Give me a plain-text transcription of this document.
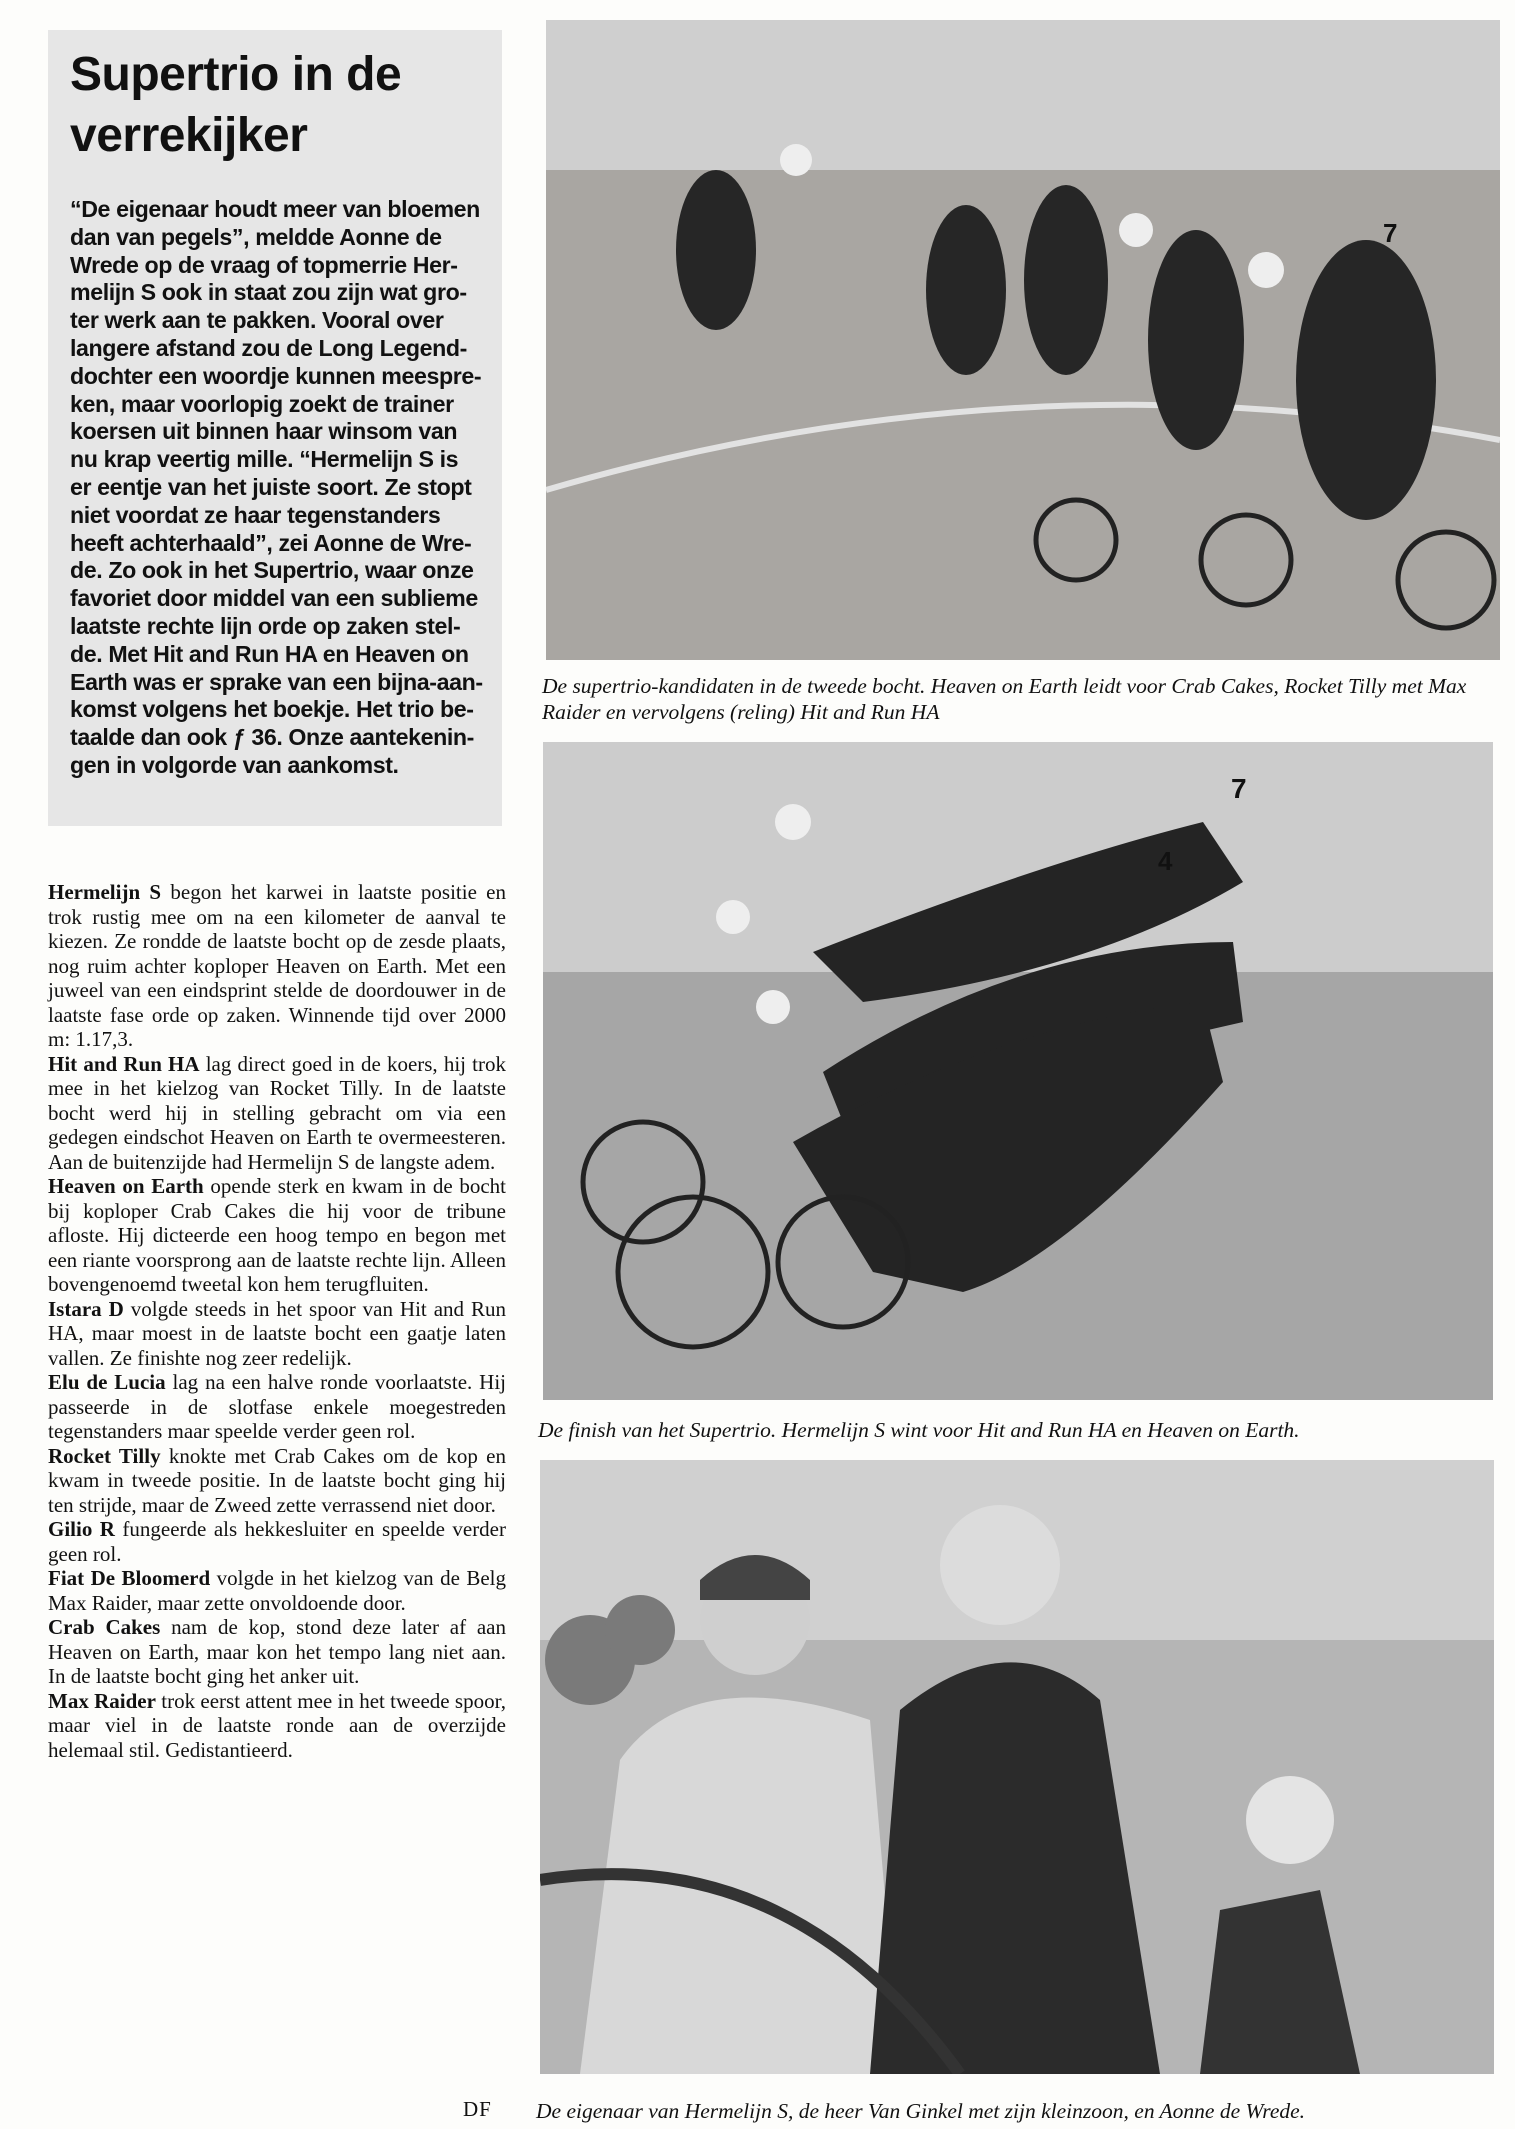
Supertrio in de verrekijker

“De eigenaar houdt meer van bloemen
dan van pegels”, meldde Aonne de
Wrede op de vraag of topmerrie Her-
melijn S ook in staat zou zijn wat gro-
ter werk aan te pakken. Vooral over
langere afstand zou de Long Legend-
dochter een woordje kunnen meespre-
ken, maar voorlopig zoekt de trainer
koersen uit binnen haar winsom van
nu krap veertig mille. “Hermelijn S is
er eentje van het juiste soort. Ze stopt
niet voordat ze haar tegenstanders
heeft achterhaald”, zei Aonne de Wre-
de. Zo ook in het Supertrio, waar onze
favoriet door middel van een sublieme
laatste rechte lijn orde op zaken stel-
de. Met Hit and Run HA en Heaven on
Earth was er sprake van een bijna-aan-
komst volgens het boekje. Het trio be-
taalde dan ook ƒ 36. Onze aantekenin-
gen in volgorde van aankomst.

Hermelijn S begon het karwei in laatste positie en trok rustig mee om na een kilometer de aanval te kiezen. Ze rondde de laatste bocht op de zesde plaats, nog ruim achter koploper Heaven on Earth. Met een juweel van een eindsprint stelde de doordouwer in de laatste fase orde op zaken. Winnende tijd over 2000 m: 1.17,3.

Hit and Run HA lag direct goed in de koers, hij trok mee in het kielzog van Rocket Tilly. In de laatste bocht werd hij in stelling gebracht om via een gedegen eindschot Heaven on Earth te overmeesteren. Aan de buitenzijde had Hermelijn S de langste adem.

Heaven on Earth opende sterk en kwam in de bocht bij koploper Crab Cakes die hij voor de tribune afloste. Hij dicteerde een hoog tempo en begon met een riante voorsprong aan de laatste rechte lijn. Alleen bovengenoemd tweetal kon hem terugfluiten.

Istara D volgde steeds in het spoor van Hit and Run HA, maar moest in de laatste bocht een gaatje laten vallen. Ze finishte nog zeer redelijk.

Elu de Lucia lag na een halve ronde voorlaatste. Hij passeerde in de slotfase enkele moegestreden tegenstanders maar speelde verder geen rol.

Rocket Tilly knokte met Crab Cakes om de kop en kwam in tweede positie. In de laatste bocht ging hij ten strijde, maar de Zweed zette verrassend niet door.

Gilio R fungeerde als hekkesluiter en speelde verder geen rol.

Fiat De Bloomerd volgde in het kielzog van de Belg Max Raider, maar zette onvoldoende door.

Crab Cakes nam de kop, stond deze later af aan Heaven on Earth, maar kon het tempo lang niet aan. In de laatste bocht ging het anker uit.

Max Raider trok eerst attent mee in het tweede spoor, maar viel in de laatste ronde aan de overzijde helemaal stil. Gedistantieerd.

7

De supertrio-kandidaten in de tweede bocht. Heaven on Earth leidt voor Crab Cakes, Rocket Tilly met Max Raider en vervolgens (reling) Hit and Run HA

7
4

De finish van het Supertrio. Hermelijn S wint voor Hit and Run HA en Heaven on Earth.

De eigenaar van Hermelijn S, de heer Van Ginkel met zijn kleinzoon, en Aonne de Wrede.

DF
